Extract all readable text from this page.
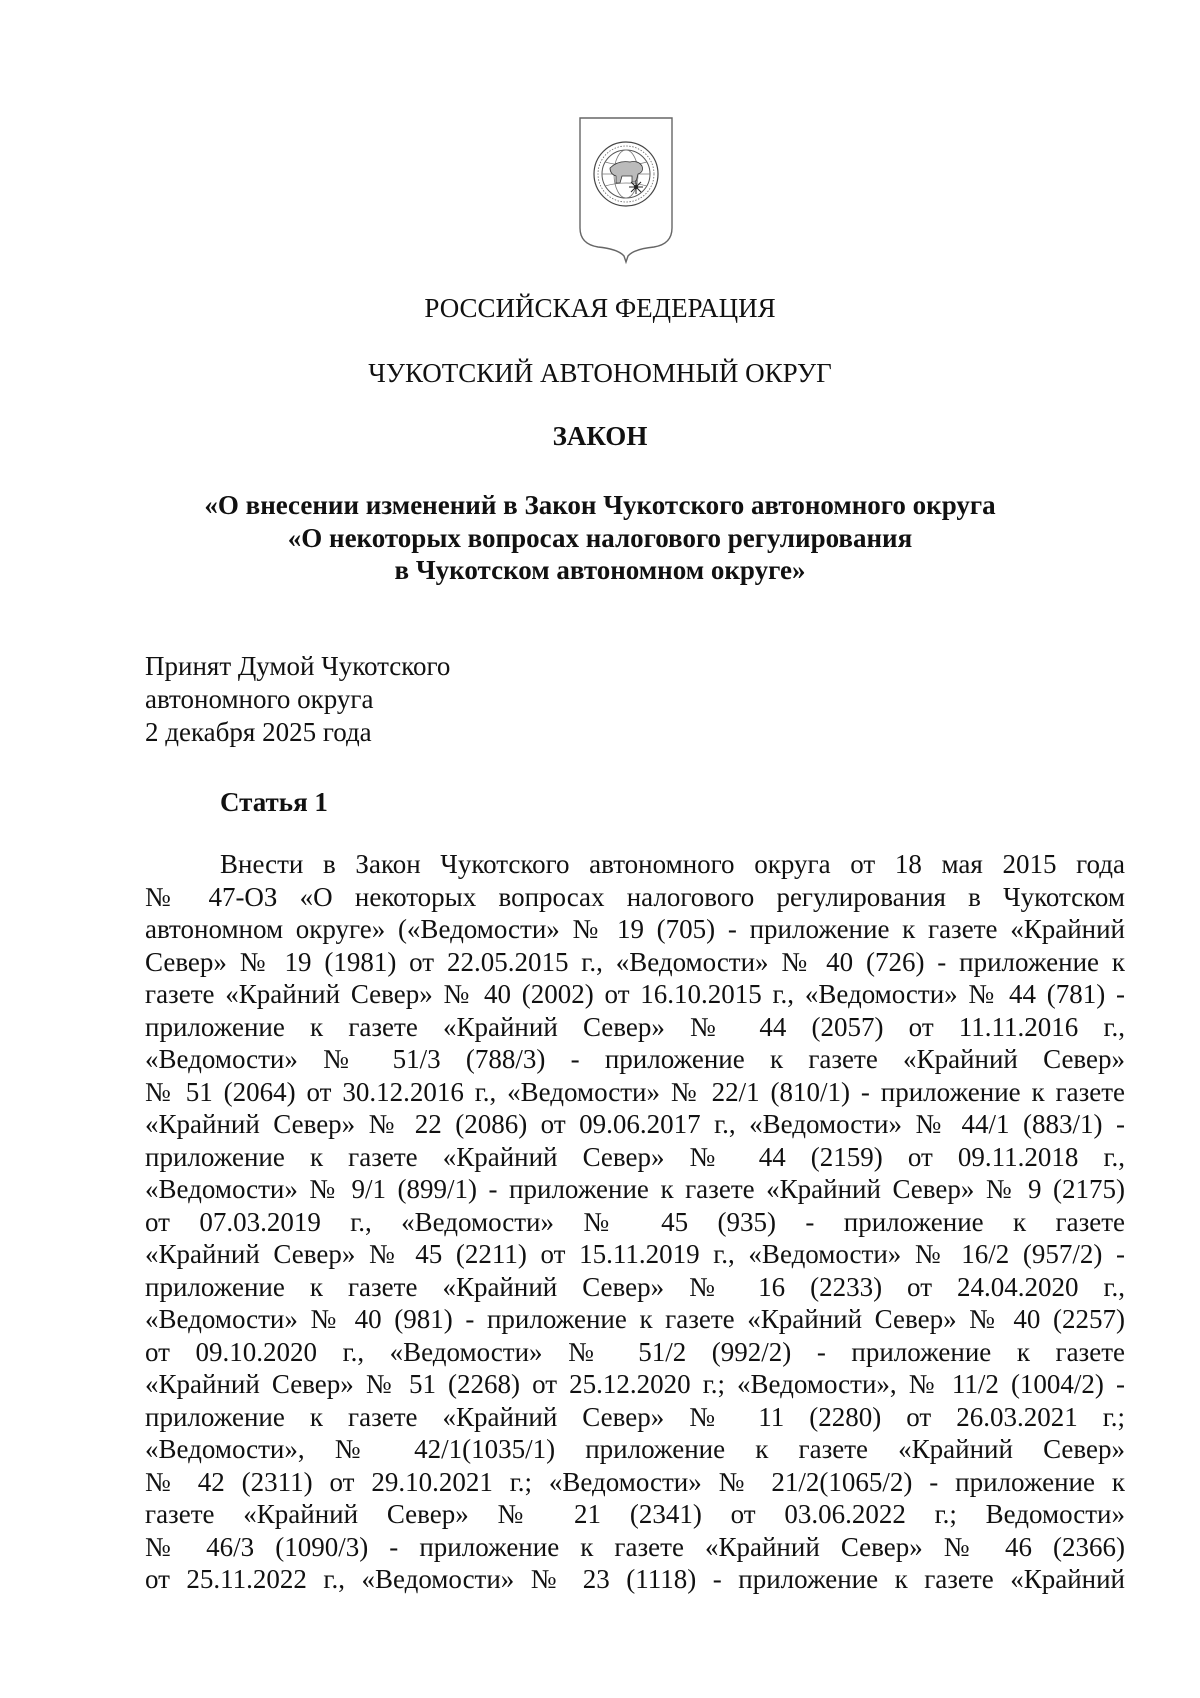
РОССИЙСКАЯ ФЕДЕРАЦИЯ
ЧУКОТСКИЙ АВТОНОМНЫЙ ОКРУГ
ЗАКОН
«О внесении изменений в Закон Чукотского автономного округа
«О некоторых вопросах налогового регулирования
в Чукотском автономном округе»
Принят Думой Чукотского
автономного округа
2 декабря 2025 года
Статья 1
Внести в Закон Чукотского автономного округа от 18 мая 2015 года
№ 47-ОЗ «О некоторых вопросах налогового регулирования в Чукотском
автономном округе» («Ведомости» № 19 (705) - приложение к газете «Крайний
Север» № 19 (1981) от 22.05.2015 г., «Ведомости» № 40 (726) - приложение к
газете «Крайний Север» № 40 (2002) от 16.10.2015 г., «Ведомости» № 44 (781) -
приложение к газете «Крайний Север» № 44 (2057) от 11.11.2016 г.,
«Ведомости» № 51/3 (788/3) - приложение к газете «Крайний Север»
№ 51 (2064) от 30.12.2016 г., «Ведомости» № 22/1 (810/1) - приложение к газете
«Крайний Север» № 22 (2086) от 09.06.2017 г., «Ведомости» № 44/1 (883/1) -
приложение к газете «Крайний Север» № 44 (2159) от 09.11.2018 г.,
«Ведомости» № 9/1 (899/1) - приложение к газете «Крайний Север» № 9 (2175)
от 07.03.2019 г., «Ведомости» № 45 (935) - приложение к газете
«Крайний Север» № 45 (2211) от 15.11.2019 г., «Ведомости» № 16/2 (957/2) -
приложение к газете «Крайний Север» № 16 (2233) от 24.04.2020 г.,
«Ведомости» № 40 (981) - приложение к газете «Крайний Север» № 40 (2257)
от 09.10.2020 г., «Ведомости» № 51/2 (992/2) - приложение к газете
«Крайний Север» № 51 (2268) от 25.12.2020 г.; «Ведомости», № 11/2 (1004/2) -
приложение к газете «Крайний Север» № 11 (2280) от 26.03.2021 г.;
«Ведомости», № 42/1(1035/1) приложение к газете «Крайний Север»
№ 42 (2311) от 29.10.2021 г.; «Ведомости» № 21/2(1065/2) - приложение к
газете «Крайний Север» № 21 (2341) от 03.06.2022 г.; Ведомости»
№ 46/3 (1090/3) - приложение к газете «Крайний Север» № 46 (2366)
от 25.11.2022 г., «Ведомости» № 23 (1118) - приложение к газете «Крайний
